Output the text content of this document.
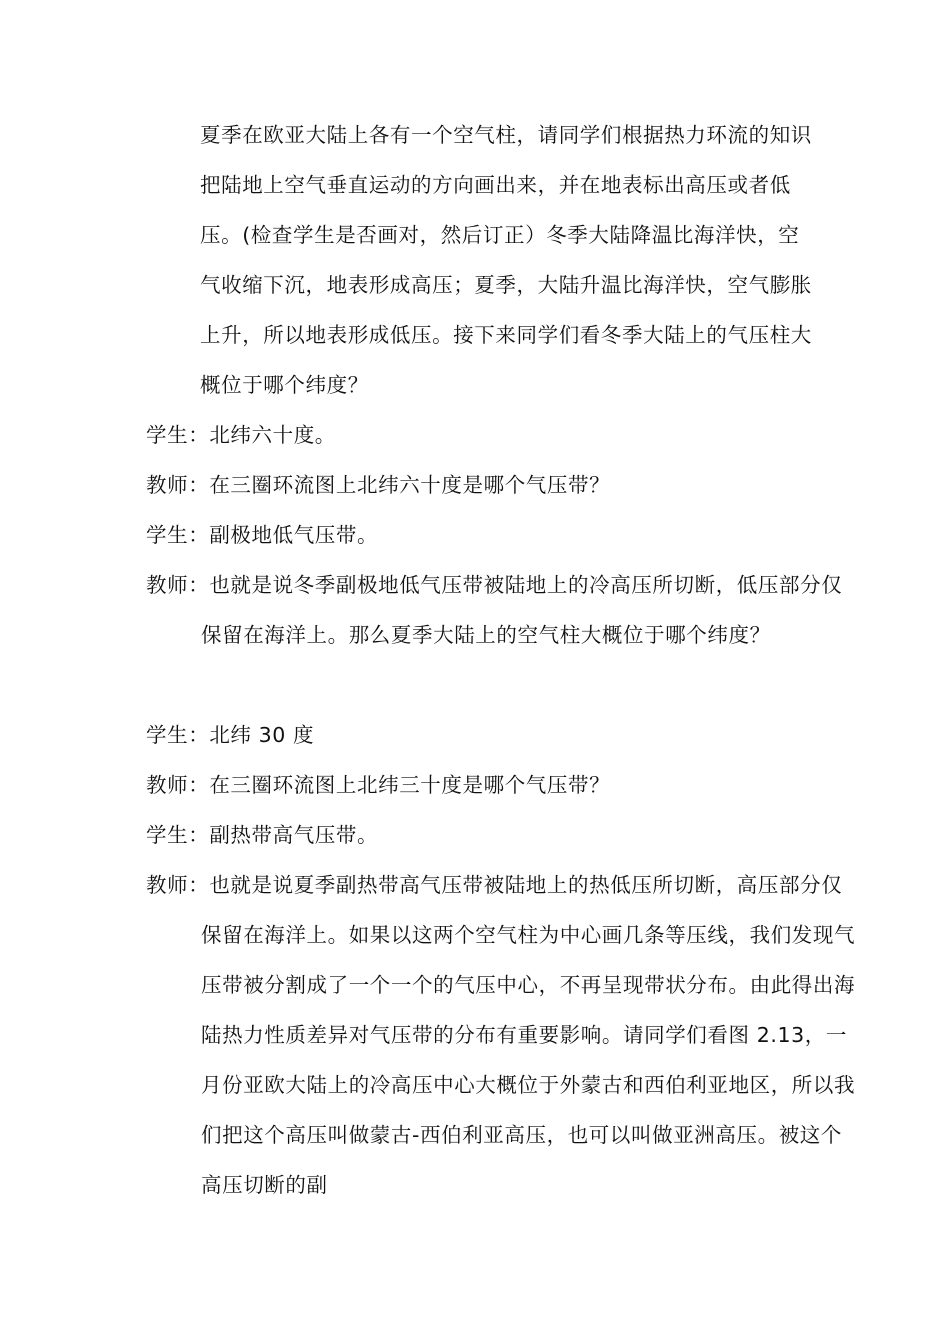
夏季在欧亚大陆上各有一个空气柱，请同学们根据热力环流的知识把陆地上空气垂直运动的方向画出来，并在地表标出高压或者低压。(检查学生是否画对，然后订正）冬季大陆降温比海洋快，空气收缩下沉，地表形成高压；夏季，大陆升温比海洋快，空气膨胀上升，所以地表形成低压。接下来同学们看冬季大陆上的气压柱大概位于哪个纬度？

学生：北纬六十度。

教师：在三圈环流图上北纬六十度是哪个气压带？

学生：副极地低气压带。

教师：也就是说冬季副极地低气压带被陆地上的冷高压所切断，低压部分仅保留在海洋上。那么夏季大陆上的空气柱大概位于哪个纬度？

学生：北纬 30 度

教师：在三圈环流图上北纬三十度是哪个气压带？

学生：副热带高气压带。

教师：也就是说夏季副热带高气压带被陆地上的热低压所切断，高压部分仅保留在海洋上。如果以这两个空气柱为中心画几条等压线，我们发现气压带被分割成了一个一个的气压中心，不再呈现带状分布。由此得出海陆热力性质差异对气压带的分布有重要影响。请同学们看图 2.13，一月份亚欧大陆上的冷高压中心大概位于外蒙古和西伯利亚地区，所以我们把这个高压叫做蒙古-西伯利亚高压，也可以叫做亚洲高压。被这个高压切断的副
